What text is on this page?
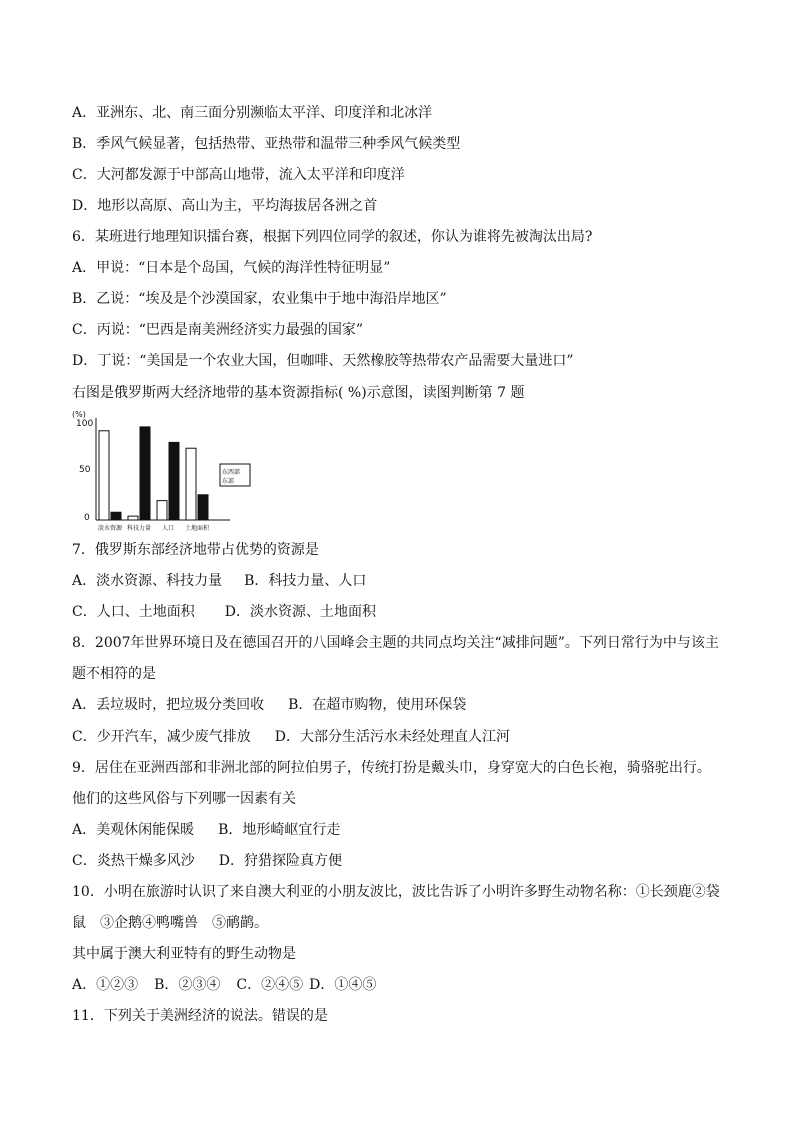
A．亚洲东、北、南三面分别濒临太平洋、印度洋和北冰洋
B．季风气候显著，包括热带、亚热带和温带三种季风气候类型
C．大河都发源于中部高山地带，流入太平洋和印度洋
D．地形以高原、高山为主，平均海拔居各洲之首
6．某班进行地理知识擂台赛，根据下列四位同学的叙述，你认为谁将先被淘汰出局?
A．甲说：“日本是个岛国，气候的海洋性特征明显”
B．乙说：“埃及是个沙漠国家，农业集中于地中海沿岸地区”
C．丙说：“巴西是南美洲经济实力最强的国家”
D．丁说：“美国是一个农业大国，但咖啡、天然橡胶等热带农产品需要大量进口”
右图是俄罗斯两大经济地带的基本资源指标( %)示意图，读图判断第 7 题
(%)
100
50
0
淡水资源 科技力量 人口 土地面积
东西部
东部
7．俄罗斯东部经济地带占优势的资源是
A．淡水资源、科技力量 B．科技力量、人口
C．人口、土地面积 D．淡水资源、土地面积
8．2007年世界环境日及在德国召开的八国峰会主题的共同点均关注“减排问题”。下列日常行为中与该主
题不相符的是
A．丢垃圾时，把垃圾分类回收 B．在超市购物，使用环保袋
C．少开汽车，减少废气排放 D．大部分生活污水未经处理直人江河
9．居住在亚洲西部和非洲北部的阿拉伯男子，传统打扮是戴头巾，身穿宽大的白色长袍，骑骆驼出行。
他们的这些风俗与下列哪一因素有关
A．美观休闲能保暖 B．地形崎岖宜行走
C．炎热干燥多风沙 D．狩猎探险真方便
10．小明在旅游时认识了来自澳大利亚的小朋友波比，波比告诉了小明许多野生动物名称：①长颈鹿②袋
鼠　③企鹅④鸭嘴兽　⑤鸸鹋。
其中属于澳大利亚特有的野生动物是
A．①②③ B．②③④ C．②④⑤ D．①④⑤
11．下列关于美洲经济的说法。错误的是
